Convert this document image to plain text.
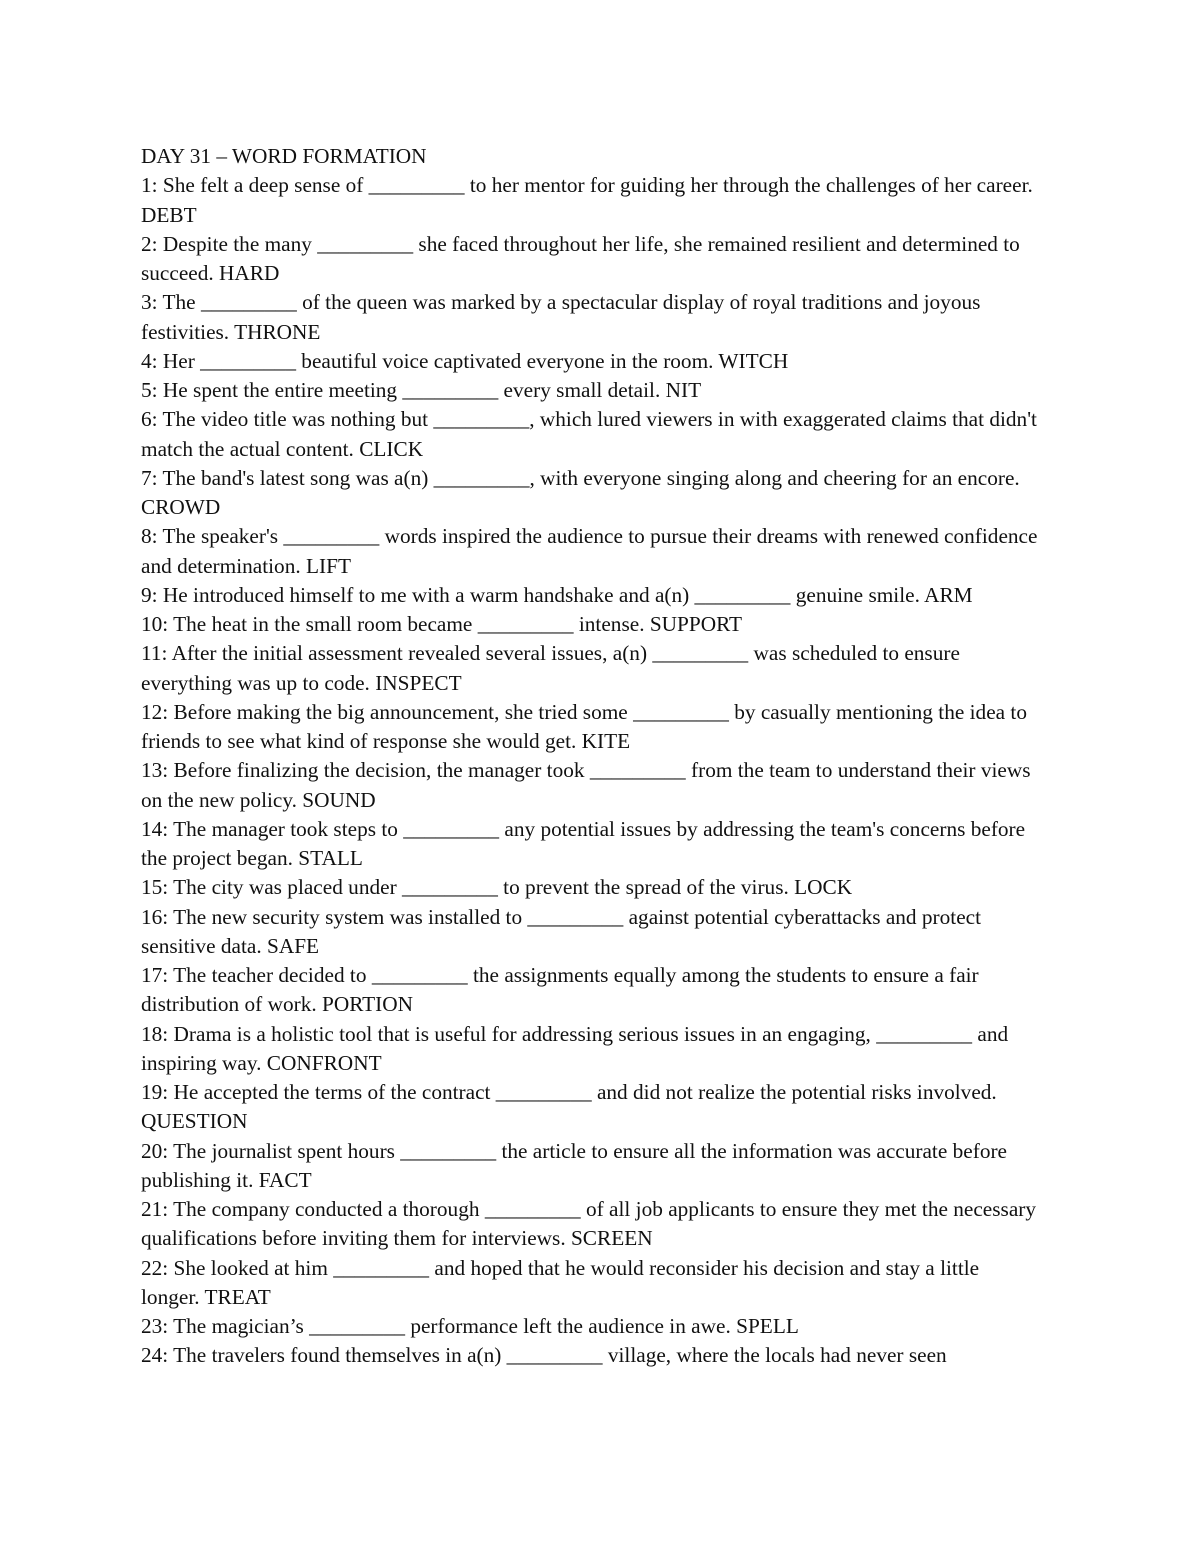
DAY 31 – WORD FORMATION
1: She felt a deep sense of _________ to her mentor for guiding her through the challenges of her career. DEBT
2: Despite the many _________ she faced throughout her life, she remained resilient and determined to succeed. HARD
3: The _________ of the queen was marked by a spectacular display of royal traditions and joyous festivities. THRONE
4: Her _________ beautiful voice captivated everyone in the room. WITCH
5: He spent the entire meeting _________ every small detail. NIT
6: The video title was nothing but _________, which lured viewers in with exaggerated claims that didn't match the actual content. CLICK
7: The band's latest song was a(n) _________, with everyone singing along and cheering for an encore. CROWD
8: The speaker's _________ words inspired the audience to pursue their dreams with renewed confidence and determination. LIFT
9: He introduced himself to me with a warm handshake and a(n) _________ genuine smile. ARM
10: The heat in the small room became _________ intense. SUPPORT
11: After the initial assessment revealed several issues, a(n) _________ was scheduled to ensure everything was up to code. INSPECT
12: Before making the big announcement, she tried some _________ by casually mentioning the idea to friends to see what kind of response she would get. KITE
13: Before finalizing the decision, the manager took _________ from the team to understand their views on the new policy. SOUND
14: The manager took steps to _________ any potential issues by addressing the team's concerns before the project began. STALL
15: The city was placed under _________ to prevent the spread of the virus. LOCK
16: The new security system was installed to _________ against potential cyberattacks and protect sensitive data. SAFE
17: The teacher decided to _________ the assignments equally among the students to ensure a fair distribution of work. PORTION
18: Drama is a holistic tool that is useful for addressing serious issues in an engaging, _________ and inspiring way. CONFRONT
19: He accepted the terms of the contract _________ and did not realize the potential risks involved. QUESTION
20: The journalist spent hours _________ the article to ensure all the information was accurate before publishing it. FACT
21: The company conducted a thorough _________ of all job applicants to ensure they met the necessary qualifications before inviting them for interviews. SCREEN
22: She looked at him _________ and hoped that he would reconsider his decision and stay a little longer. TREAT
23: The magician’s _________ performance left the audience in awe. SPELL
24: The travelers found themselves in a(n) _________ village, where the locals had never seen
